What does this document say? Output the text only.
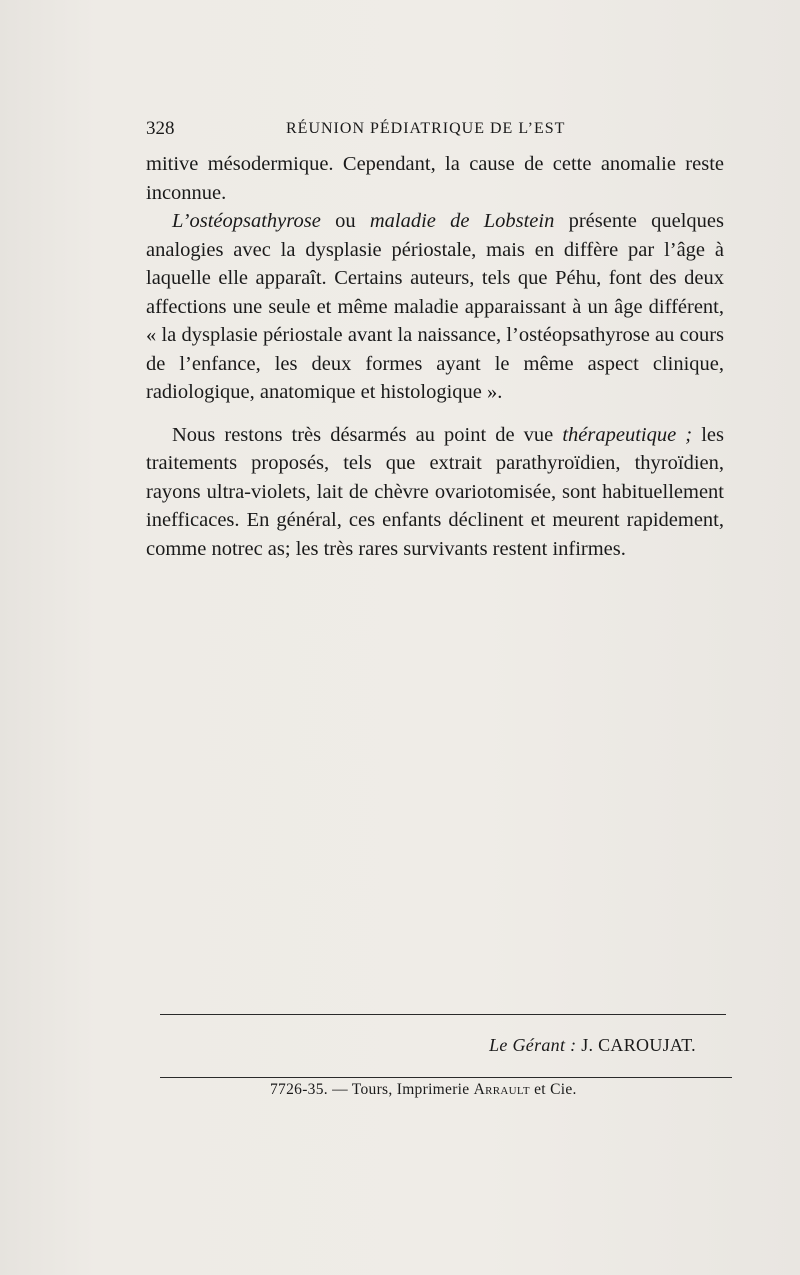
328	RÉUNION PÉDIATRIQUE DE L’EST

mitive mésodermique. Cependant, la cause de cette anomalie reste inconnue.

L’ostéopsathyrose ou maladie de Lobstein présente quelques analogies avec la dysplasie périostale, mais en diffère par l’âge à laquelle elle apparaît. Certains auteurs, tels que Péhu, font des deux affections une seule et même maladie apparaissant à un âge différent, « la dysplasie périostale avant la naissance, l’ostéopsathyrose au cours de l’enfance, les deux formes ayant le même aspect clinique, radiologique, anatomique et histologique ».

Nous restons très désarmés au point de vue thérapeutique ; les traitements proposés, tels que extrait parathyroïdien, thyroïdien, rayons ultra-violets, lait de chèvre ovariotomisée, sont habituellement inefficaces. En général, ces enfants déclinent et meurent rapidement, comme notrec as; les très rares survivants restent infirmes.

Le Gérant : J. CAROUJAT.
7726-35. — Tours, Imprimerie Arrault et Cie.
